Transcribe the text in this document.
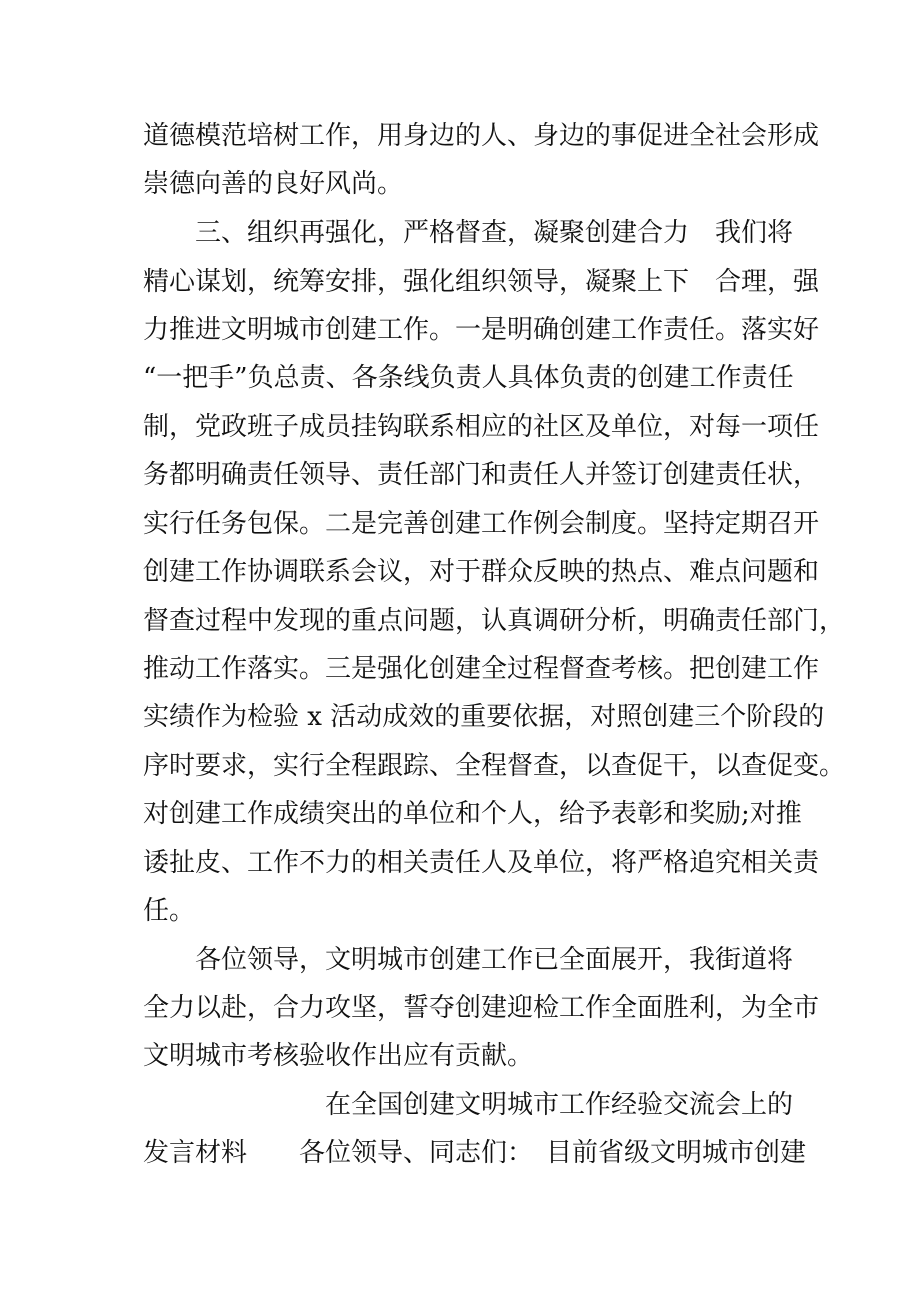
道德模范培树工作，用身边的人、身边的事促进全社会形成

崇德向善的良好风尚。

　　三、组织再强化，严格督查，凝聚创建合力　我们将

精心谋划，统筹安排，强化组织领导，凝聚上下　合理，强

力推进文明城市创建工作。一是明确创建工作责任。落实好

“一把手”负总责、各条线负责人具体负责的创建工作责任

制，党政班子成员挂钩联系相应的社区及单位，对每一项任

务都明确责任领导、责任部门和责任人并签订创建责任状，

实行任务包保。二是完善创建工作例会制度。坚持定期召开

创建工作协调联系会议，对于群众反映的热点、难点问题和

督查过程中发现的重点问题，认真调研分析，明确责任部门，

推动工作落实。三是强化创建全过程督查考核。把创建工作

实绩作为检验 x 活动成效的重要依据，对照创建三个阶段的

序时要求，实行全程跟踪、全程督查，以查促干，以查促变。

对创建工作成绩突出的单位和个人，给予表彰和奖励;对推

诿扯皮、工作不力的相关责任人及单位，将严格追究相关责

任。

　　各位领导，文明城市创建工作已全面展开，我街道将

全力以赴，合力攻坚，誓夺创建迎检工作全面胜利，为全市

文明城市考核验收作出应有贡献。

　　　　　　　在全国创建文明城市工作经验交流会上的

发言材料　　各位领导、同志们：　目前省级文明城市创建
